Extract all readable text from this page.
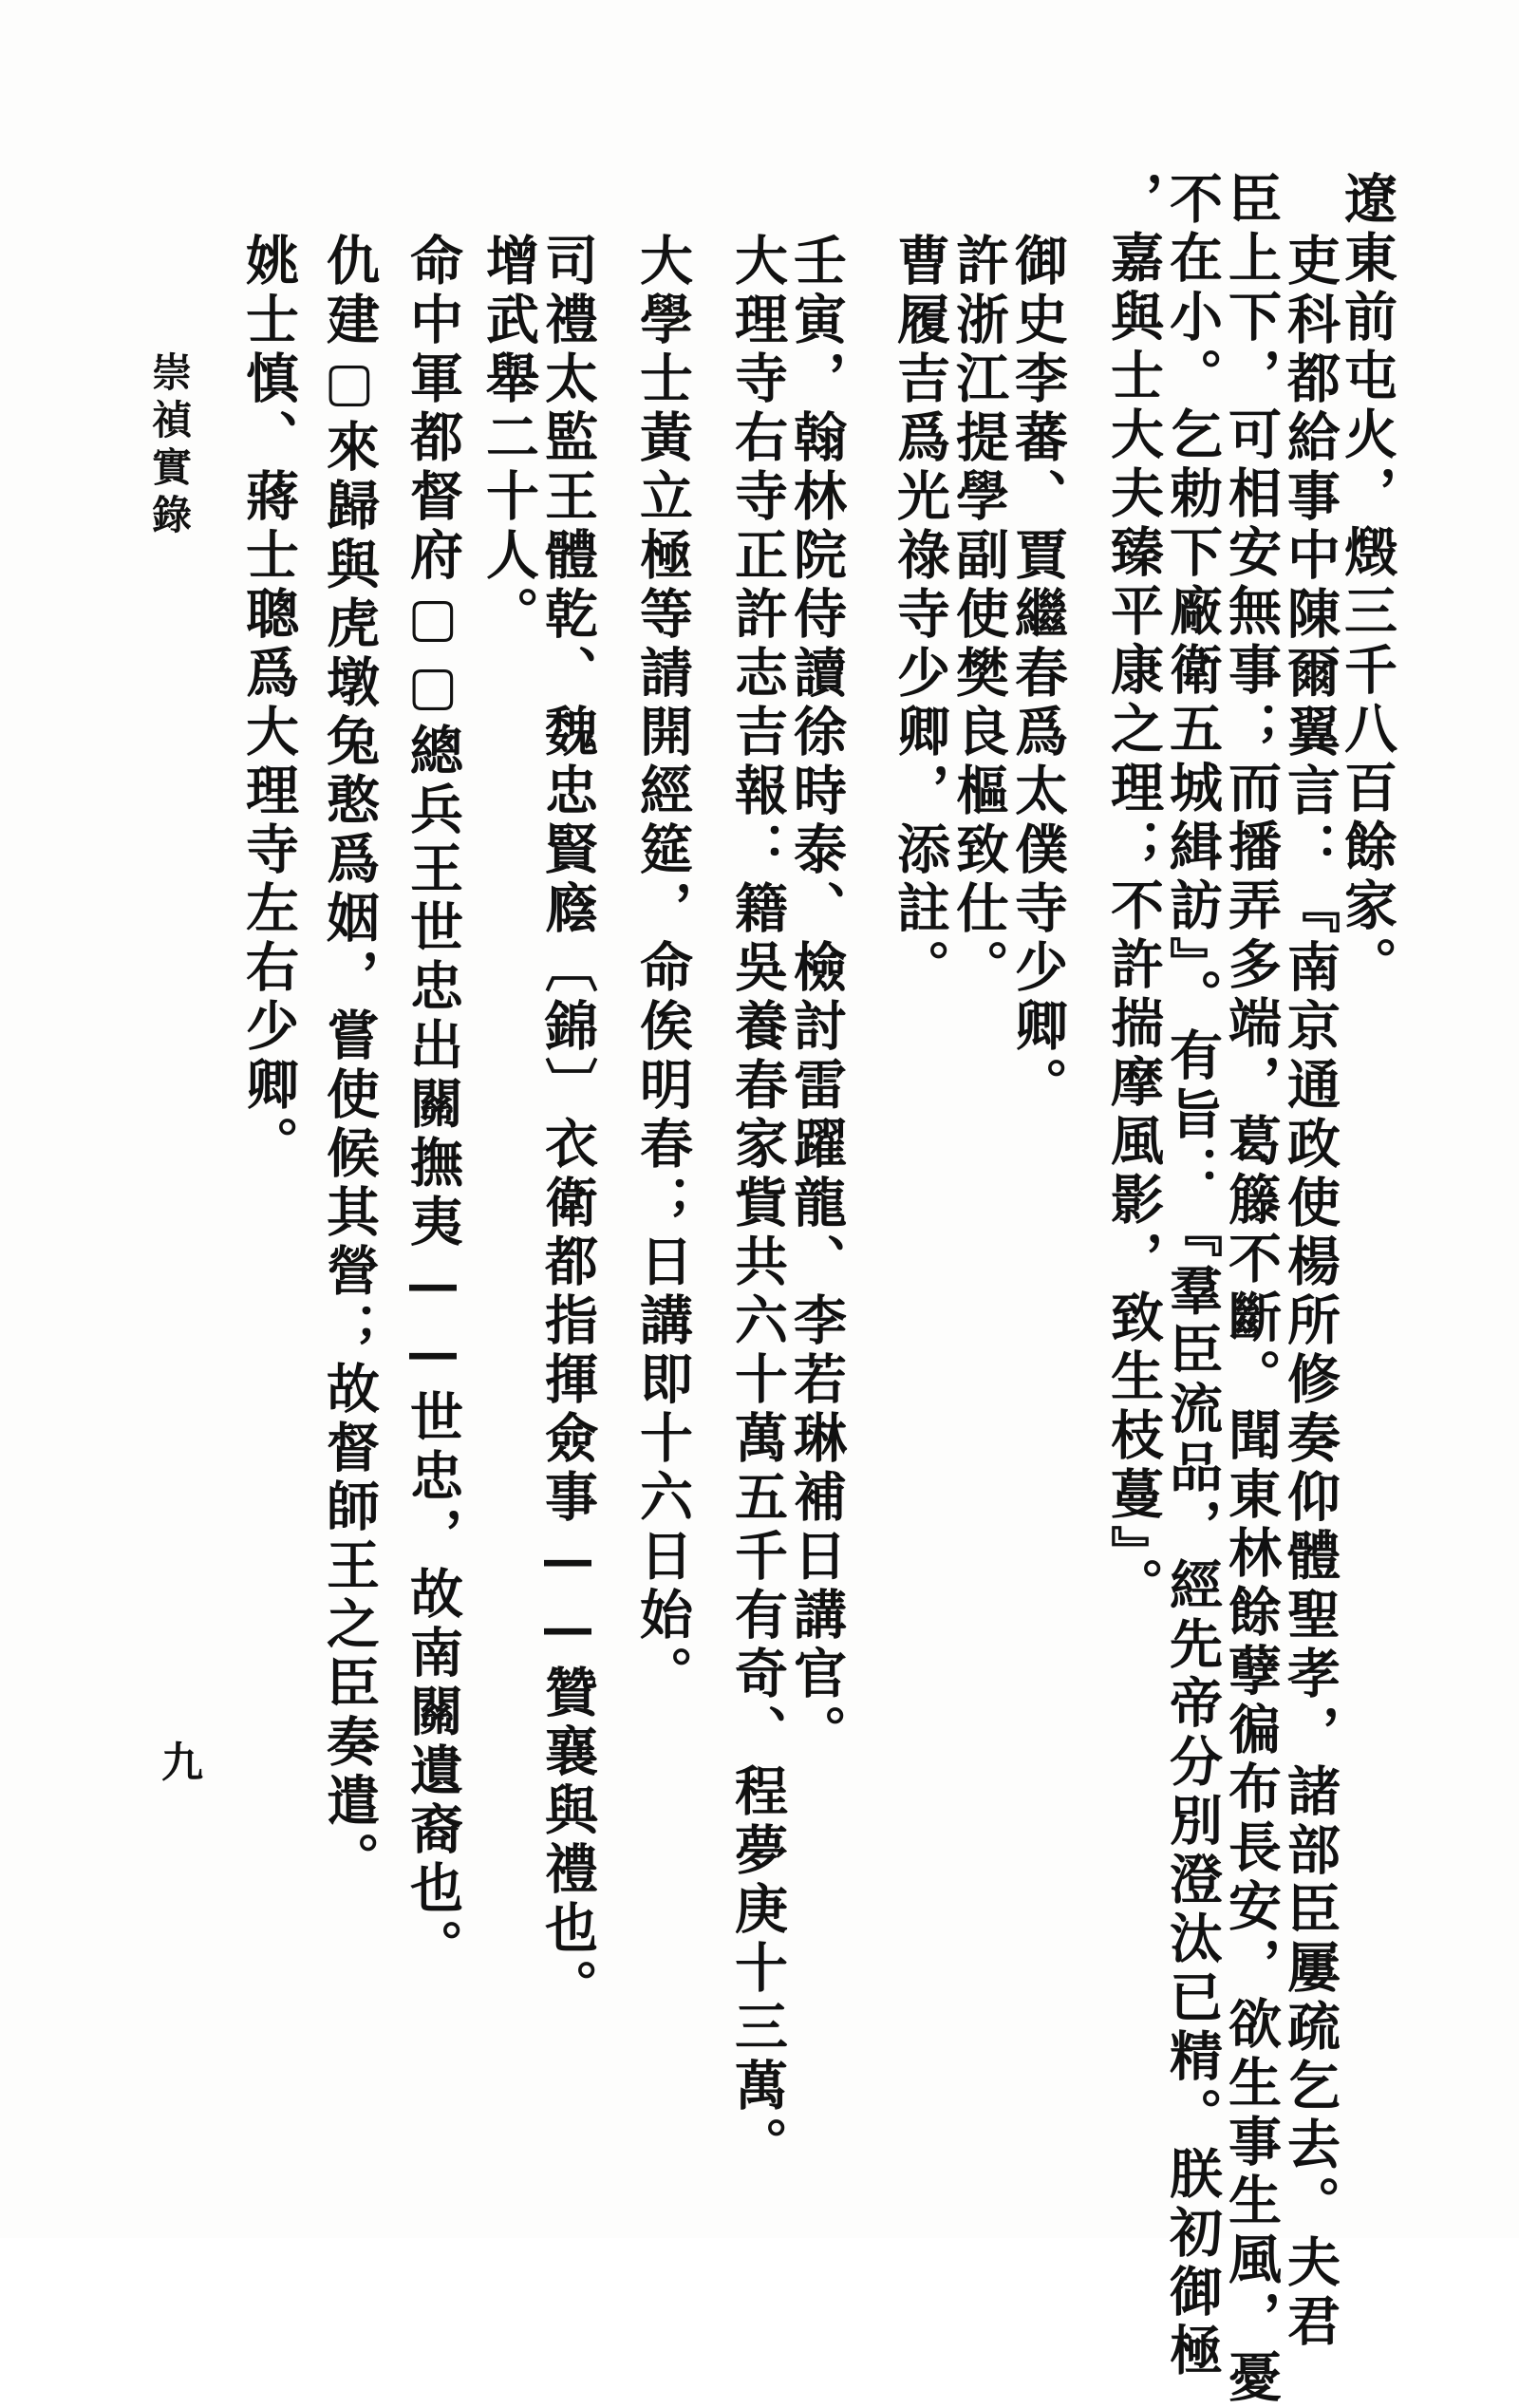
遼東前屯火，燬三千八百餘家。
吏科都給事中陳爾翼言：『南京通政使楊所修奏仰體聖孝，諸部臣屢疏乞去。夫君
臣上下，可相安無事；而播弄多端，葛籐不斷。聞東林餘孽徧布長安，欲生事生風，憂
不在小。乞勅下廠衛五城緝訪』。有旨：『羣臣流品，經先帝分別澄汰已精。朕初御極
，嘉與士大夫臻平康之理；不許揣摩風影，致生枝蔓』。
御史李蕃、賈繼春爲太僕寺少卿。
許浙江提學副使樊良樞致仕。
曹履吉爲光祿寺少卿，添註。
壬寅，翰林院侍讀徐時泰、檢討雷躍龍、李若琳補日講官。
大理寺右寺正許志吉報：籍吳養春家貲共六十萬五千有奇、程夢庚十三萬。
大學士黃立極等請開經筵，命俟明春；日講即十六日始。
司禮太監王體乾、魏忠賢廕〔錦〕衣衛都指揮僉事——贊襄與禮也。
增武舉二十人。
命中軍都督府▢▢總兵王世忠出關撫夷——世忠，故南關遺裔也。
仇建▢來歸與虎墩兔憨爲姻，嘗使候其營；故督師王之臣奏遣。
姚士慎、蔣士聰爲大理寺左右少卿。
崇禎實錄
九
